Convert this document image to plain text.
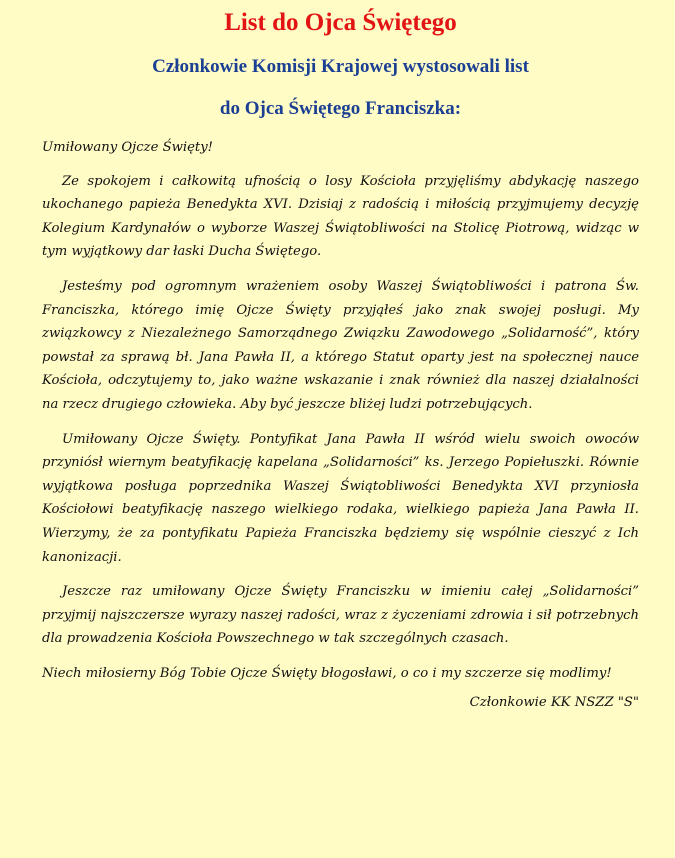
List do Ojca Świętego

Członkowie Komisji Krajowej wystosowali list

do Ojca Świętego Franciszka:

Umiłowany Ojcze Święty!

Ze spokojem i całkowitą ufnością o losy Kościoła przyjęliśmy abdykację naszego ukochanego papieża Benedykta XVI. Dzisiaj z radością i miłością przyjmujemy decyzję Kolegium Kardynałów o wyborze Waszej Świątobliwości na Stolicę Piotrową, widząc w tym wyjątkowy dar łaski Ducha Świętego.

Jesteśmy pod ogromnym wrażeniem osoby Waszej Świątobliwości i patrona Św. Franciszka, którego imię Ojcze Święty przyjąłeś jako znak swojej posługi. My związkowcy z Niezależnego Samorządnego Związku Zawodowego „Solidarność”, który powstał za sprawą bł. Jana Pawła II, a którego Statut oparty jest na społecznej nauce Kościoła, odczytujemy to, jako ważne wskazanie i znak również dla naszej działalności na rzecz drugiego człowieka. Aby być jeszcze bliżej ludzi potrzebujących.

Umiłowany Ojcze Święty. Pontyfikat Jana Pawła II wśród wielu swoich owoców przyniósł wiernym beatyfikację kapelana „Solidarności” ks. Jerzego Popiełuszki. Równie wyjątkowa posługa poprzednika Waszej Świątobliwości Benedykta XVI przyniosła Kościołowi beatyfikację naszego wielkiego rodaka, wielkiego papieża Jana Pawła II. Wierzymy, że za pontyfikatu Papieża Franciszka będziemy się wspólnie cieszyć z Ich kanonizacji.

Jeszcze raz umiłowany Ojcze Święty Franciszku w imieniu całej „Solidarności” przyjmij najszczersze wyrazy naszej radości, wraz z życzeniami zdrowia i sił potrzebnych dla prowadzenia Kościoła Powszechnego w tak szczególnych czasach.

Niech miłosierny Bóg Tobie Ojcze Święty błogosławi, o co i my szczerze się modlimy!

Członkowie KK NSZZ "S"
